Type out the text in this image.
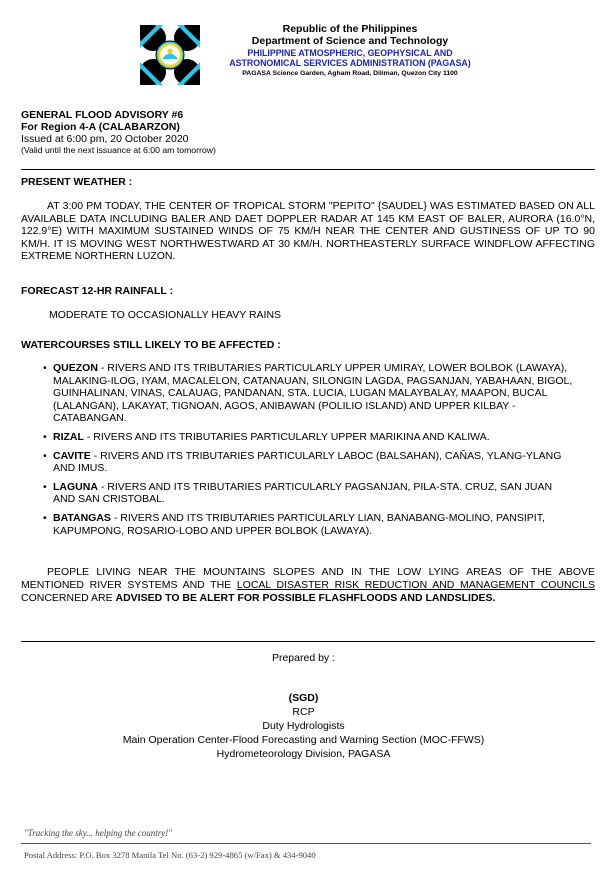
Republic of the Philippines
Department of Science and Technology
PHILIPPINE ATMOSPHERIC, GEOPHYSICAL AND
ASTRONOMICAL SERVICES ADMINISTRATION (PAGASA)
PAGASA Science Garden, Agham Road, Diliman, Quezon City 1100
GENERAL FLOOD ADVISORY #6
For Region 4-A (CALABARZON)
Issued at 6:00 pm, 20 October 2020
(Valid until the next issuance at 6:00 am tomorrow)
PRESENT WEATHER :
AT 3:00 PM TODAY, THE CENTER OF TROPICAL STORM "PEPITO" {SAUDEL} WAS ESTIMATED BASED ON ALL AVAILABLE DATA INCLUDING BALER AND DAET DOPPLER RADAR AT 145 KM EAST OF BALER, AURORA (16.0°N, 122.9°E) WITH MAXIMUM SUSTAINED WINDS OF 75 KM/H NEAR THE CENTER AND GUSTINESS OF UP TO 90 KM/H. IT IS MOVING WEST NORTHWESTWARD AT 30 KM/H. NORTHEASTERLY SURFACE WINDFLOW AFFECTING EXTREME NORTHERN LUZON.
FORECAST 12-HR RAINFALL :
MODERATE TO OCCASIONALLY HEAVY RAINS
WATERCOURSES STILL LIKELY TO BE AFFECTED :
• QUEZON - RIVERS AND ITS TRIBUTARIES PARTICULARLY UPPER UMIRAY, LOWER BOLBOK (LAWAYA), MALAKING-ILOG, IYAM, MACALELON, CATANAUAN, SILONGIN LAGDA, PAGSANJAN, YABAHAAN, BIGOL, GUINHALINAN, VINAS, CALAUAG, PANDANAN, STA. LUCIA, LUGAN MALAYBALAY, MAAPON, BUCAL (LALANGAN), LAKAYAT, TIGNOAN, AGOS, ANIBAWAN (POLILIO ISLAND) AND UPPER KILBAY - CATABANGAN.
• RIZAL - RIVERS AND ITS TRIBUTARIES PARTICULARLY UPPER MARIKINA AND KALIWA.
• CAVITE - RIVERS AND ITS TRIBUTARIES PARTICULARLY LABOC (BALSAHAN), CAÑAS, YLANG-YLANG AND IMUS.
• LAGUNA - RIVERS AND ITS TRIBUTARIES PARTICULARLY PAGSANJAN, PILA-STA. CRUZ, SAN JUAN AND SAN CRISTOBAL.
• BATANGAS - RIVERS AND ITS TRIBUTARIES PARTICULARLY LIAN, BANABANG-MOLINO, PANSIPIT, KAPUMPONG, ROSARIO-LOBO AND UPPER BOLBOK (LAWAYA).
PEOPLE LIVING NEAR THE MOUNTAINS SLOPES AND IN THE LOW LYING AREAS OF THE ABOVE MENTIONED RIVER SYSTEMS AND THE LOCAL DISASTER RISK REDUCTION AND MANAGEMENT COUNCILS CONCERNED ARE ADVISED TO BE ALERT FOR POSSIBLE FLASHFLOODS AND LANDSLIDES.
Prepared by :
(SGD)
RCP
Duty Hydrologists
Main Operation Center-Flood Forecasting and Warning Section (MOC-FFWS)
Hydrometeorology Division, PAGASA
"Tracking the sky... helping the country!"
Postal Address: P.O. Box 3278 Manila Tel No. (63-2) 929-4865 (w/Fax) & 434-9040
